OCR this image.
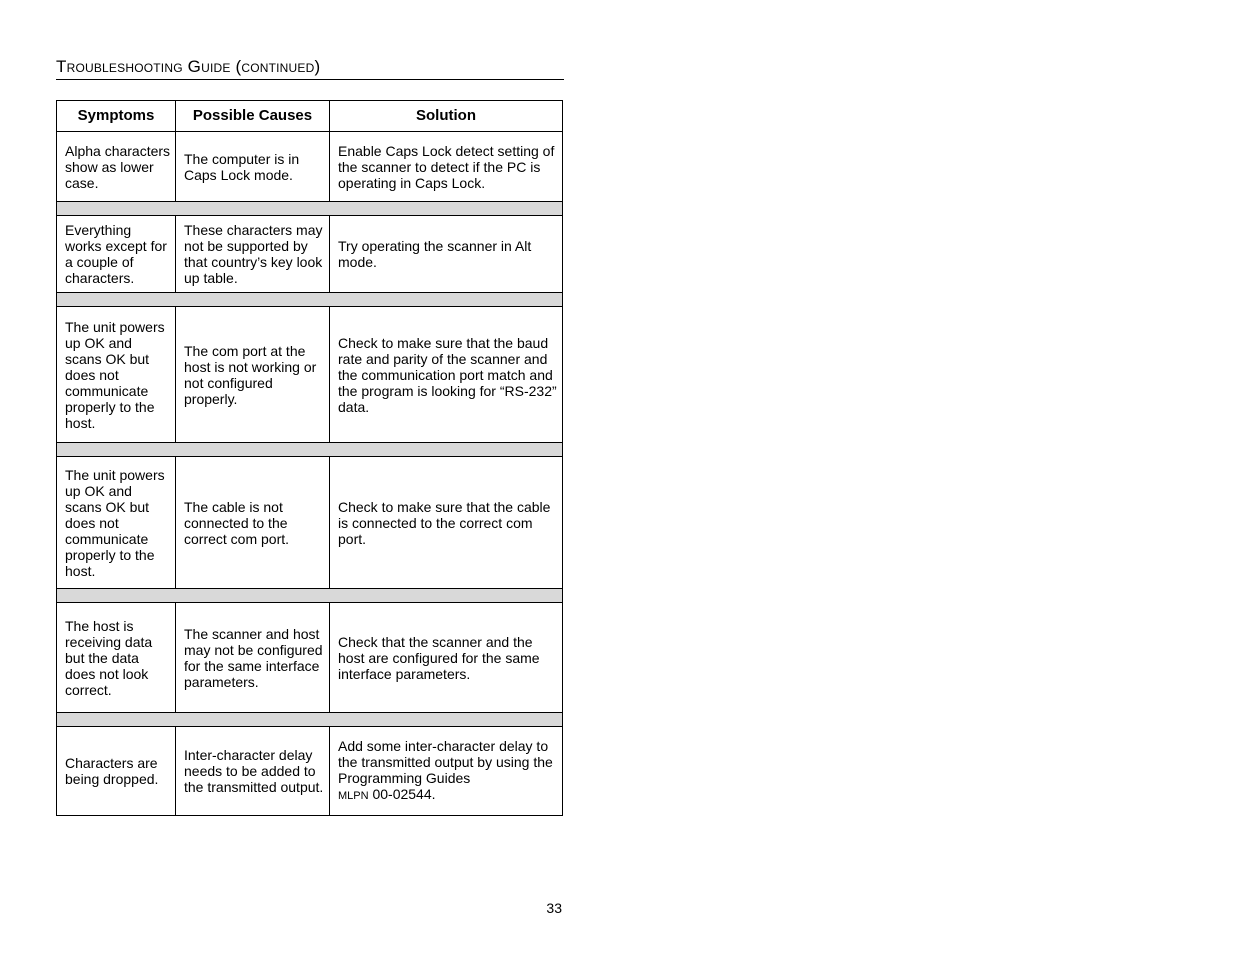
Troubleshooting Guide (continued)
Symptoms	Possible Causes	Solution
Alpha characters show as lower case.	The computer is in Caps Lock mode.	Enable Caps Lock detect setting of the scanner to detect if the PC is operating in Caps Lock.

Everything works except for a couple of characters.	These characters may not be supported by that country’s key look up table.	Try operating the scanner in Alt mode.

The unit powers up OK and scans OK but does not communicate properly to the host.	The com port at the host is not working or not configured properly.	Check to make sure that the baud rate and parity of the scanner and the communication port match and the program is looking for “RS-232” data.

The unit powers up OK and scans OK but does not communicate properly to the host.	The cable is not connected to the correct com port.	Check to make sure that the cable is connected to the correct com port.

The host is receiving data but the data does not look correct.	The scanner and host may not be configured for the same interface parameters.	Check that the scanner and the host are configured for the same interface parameters.

Characters are being dropped.	Inter-character delay needs to be added to the transmitted output.	Add some inter-character delay to the transmitted output by using the Programming Guides
MLPN 00-02544.
33
